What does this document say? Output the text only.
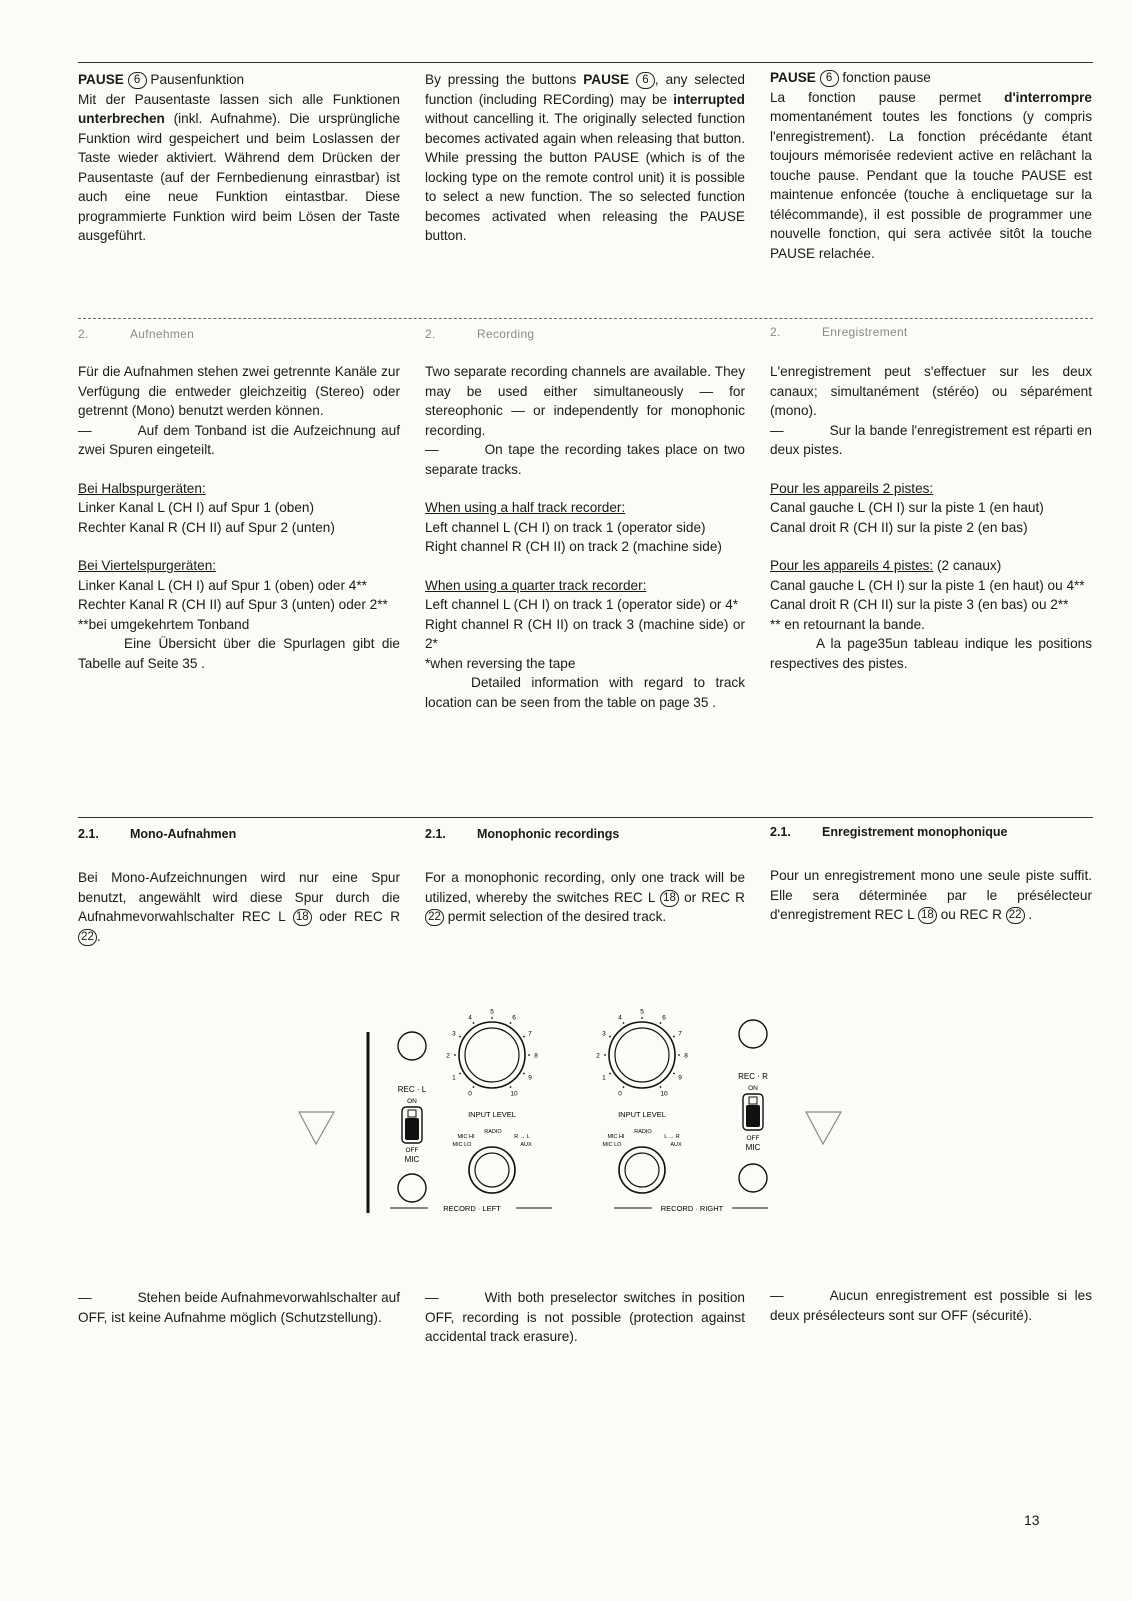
PAUSE 6 Pausenfunktion
Mit der Pausentaste lassen sich alle Funktionen unterbrechen (inkl. Aufnahme). Die ursprüngliche Funktion wird gespeichert und beim Loslassen der Taste wieder aktiviert. Während dem Drücken der Pausentaste (auf der Fernbedienung einrastbar) ist auch eine neue Funktion eintastbar. Diese programmierte Funktion wird beim Lösen der Taste ausgeführt.

By pressing the buttons PAUSE 6 , any selected function (including RECording) may be interrupted without cancelling it. The originally selected function becomes activated again when releasing that button. While pressing the button PAUSE (which is of the locking type on the remote control unit) it is possible to select a new function. The so selected function becomes activated when releasing the PAUSE button.

PAUSE 6 fonction pause
La fonction pause permet d'interrompre momentanément toutes les fonctions (y compris l'enregistrement). La fonction précédante étant toujours mémorisée redevient active en relâchant la touche pause. Pendant que la touche PAUSE est maintenue enfoncée (touche à encliquetage sur la télécommande), il est possible de programmer une nouvelle fonction, qui sera activée sitôt la touche PAUSE relachée.

2.	Aufnehmen	2.	Recording	2.	Enregistrement

Für die Aufnahmen stehen zwei getrennte Kanäle zur Verfügung die entweder gleichzeitig (Stereo) oder getrennt (Mono) benutzt werden können.

—	Auf dem Tonband ist die Aufzeichnung auf zwei Spuren eingeteilt.

Bei Halbspurgeräten:

Linker Kanal L (CH I) auf Spur 1 (oben)

Rechter Kanal R (CH II) auf Spur 2 (unten)

Bei Viertelspurgeräten:

Linker Kanal L (CH I) auf Spur 1 (oben) oder 4**

Rechter Kanal R (CH II) auf Spur 3 (unten) oder 2**

**bei umgekehrtem Tonband

Eine Übersicht über die Spurlagen gibt die Tabelle auf Seite 35 .

Two separate recording channels are available. They may be used either simultaneously — for stereophonic — or independently for monophonic recording.

—	On tape the recording takes place on two separate tracks.

When using a half track recorder:

Left channel L (CH I) on track 1 (operator side)

Right channel R (CH II) on track 2 (machine side)

When using a quarter track recorder:

Left channel L (CH I) on track 1 (operator side) or 4*

Right channel R (CH II) on track 3 (machine side) or 2*

*when reversing the tape

Detailed information with regard to track location can be seen from the table on page 35 .

L'enregistrement peut s'effectuer sur les deux canaux; simultanément (stéréo) ou séparément (mono).

—	Sur la bande l'enregistrement est réparti en deux pistes.

Pour les appareils 2 pistes:

Canal gauche L (CH I) sur la piste 1 (en haut)

Canal droit R (CH II) sur la piste 2 (en bas)

Pour les appareils 4 pistes: (2 canaux)

Canal gauche L (CH I) sur la piste 1 (en haut) ou 4**

Canal droit R (CH II) sur la piste 3 (en bas) ou 2**

** en retournant la bande.

A la page35un tableau indique les positions respectives des pistes.

2.1. Mono-Aufnahmen	2.1. Monophonic recordings	2.1. Enregistrement monophonique

Bei Mono-Aufzeichnungen wird nur eine Spur benutzt, angewählt wird diese Spur durch die Aufnahmevorwahlschalter REC L 18 oder REC R 22 .

For a monophonic recording, only one track will be utilized, whereby the switches REC L 18 or REC R 22 permit selection of the desired track.

Pour un enregistrement mono une seule piste suffit. Elle sera déterminée par le présélecteur d'enregistrement REC L 18 ou REC R 22 .

REC · L
ON
OFF
MIC
0
1
2
3
4
5
6
7
8
9
10
INPUT LEVEL
RADIO
MIC HI
MIC LO
R → L
AUX
RECORD · LEFT
0
1
2
3
4
5
6
7
8
9
10
INPUT LEVEL
RADIO
MIC HI
MIC LO
L → R
AUX
RECORD · RIGHT
REC · R
ON
OFF
MIC

—	Stehen beide Aufnahmevorwahlschalter auf OFF, ist keine Aufnahme möglich (Schutzstellung).

—	With both preselector switches in position OFF, recording is not possible (protection against accidental track erasure).

—	Aucun enregistrement est possible si les deux présélecteurs sont sur OFF (sécurité).

13
